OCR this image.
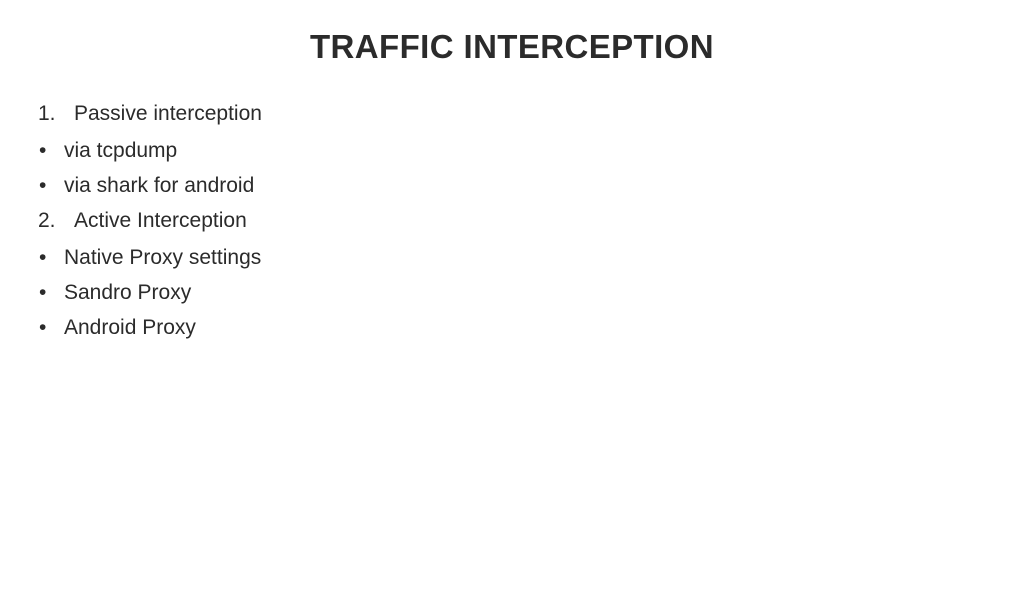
TRAFFIC INTERCEPTION
1. Passive interception
• via tcpdump
• via shark for android
2. Active Interception
• Native Proxy settings
• Sandro Proxy
• Android Proxy
